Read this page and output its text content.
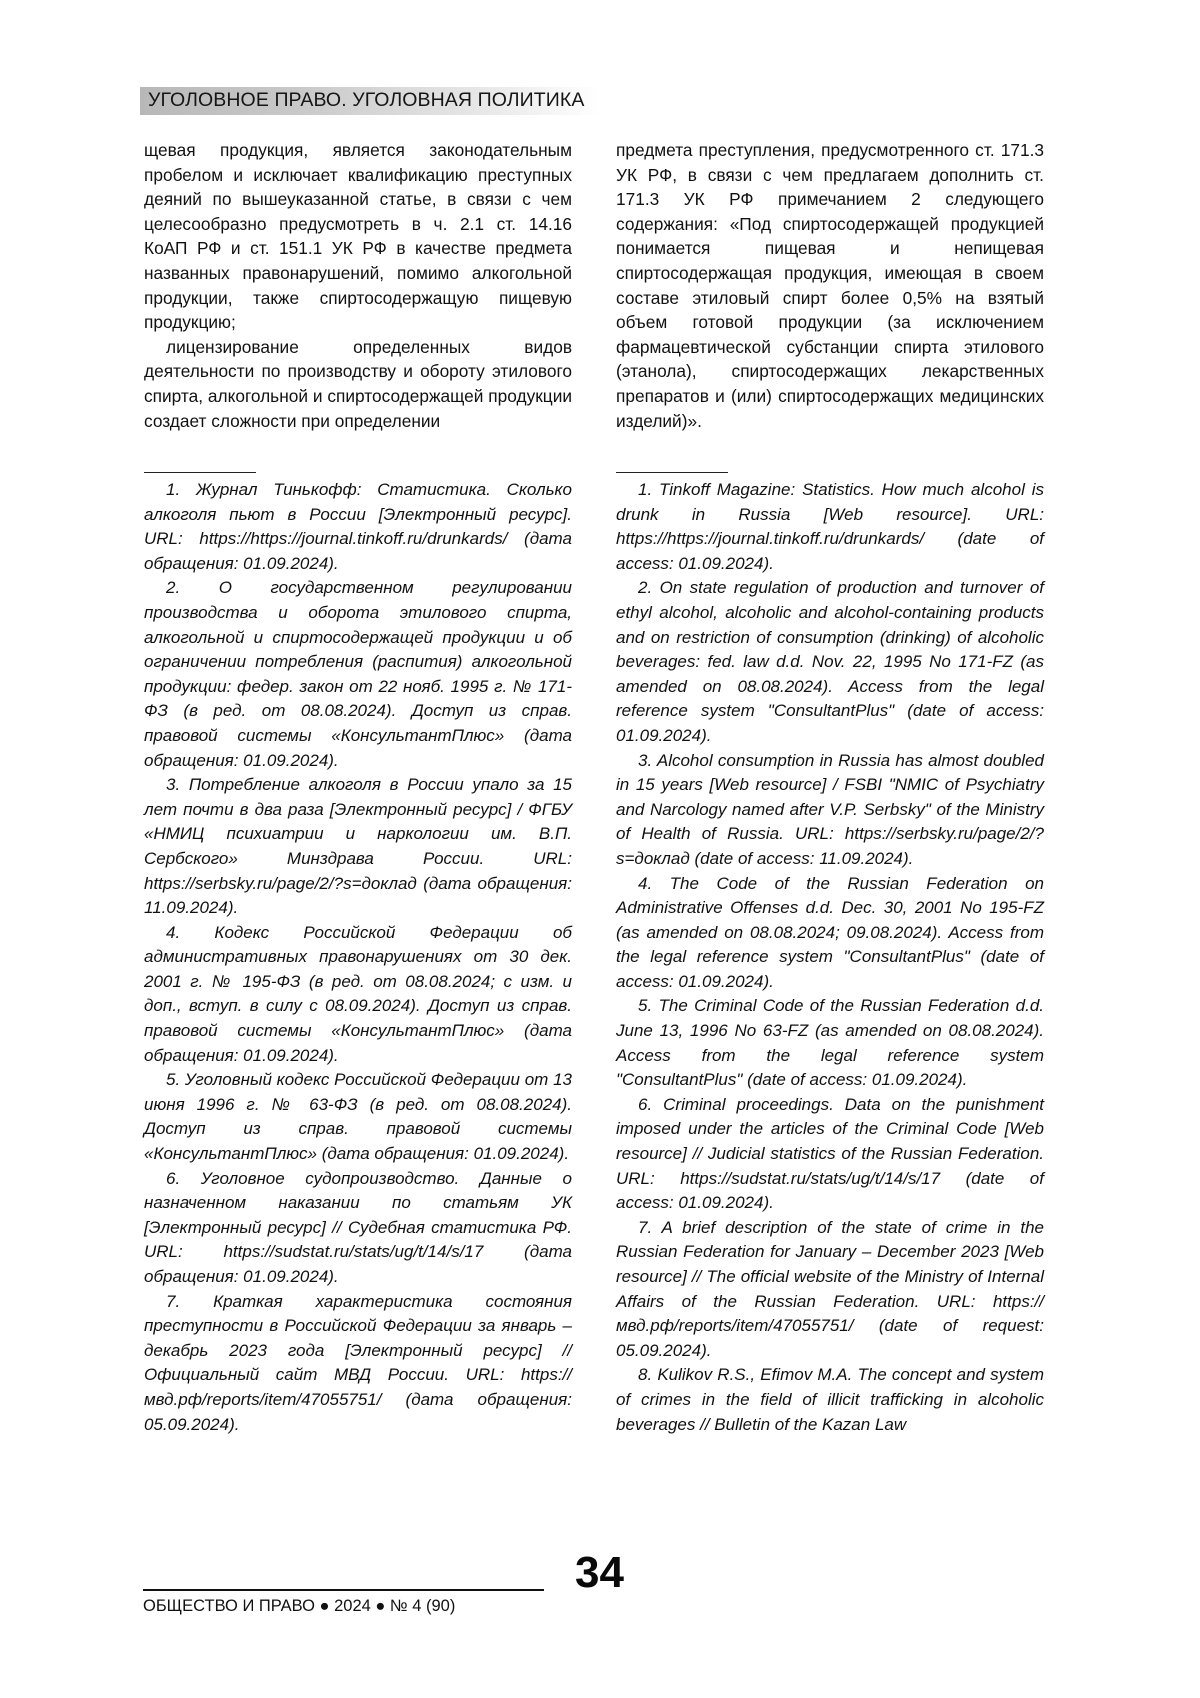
УГОЛОВНОЕ ПРАВО. УГОЛОВНАЯ ПОЛИТИКА

щевая продукция, является законодательным пробелом и исключает квалификацию преступных деяний по вышеуказанной статье, в связи с чем целесообразно предусмотреть в ч. 2.1 ст. 14.16 КоАП РФ и ст. 151.1 УК РФ в качестве предмета названных правонарушений, помимо алкогольной продукции, также спиртосодержащую пищевую продукцию;

лицензирование определенных видов деятельности по производству и обороту этилового спирта, алкогольной и спиртосодержащей продукции создает сложности при определении

предмета преступления, предусмотренного ст. 171.3 УК РФ, в связи с чем предлагаем дополнить ст. 171.3 УК РФ примечанием 2 следующего содержания: «Под спиртосодержащей продукцией понимается пищевая и непищевая спиртосодержащая продукция, имеющая в своем составе этиловый спирт более 0,5% на взятый объем готовой продукции (за исключением фармацевтической субстанции спирта этилового (этанола), спиртосодержащих лекарственных препаратов и (или) спиртосодержащих медицинских изделий)».

1. Журнал Тинькофф: Статистика. Сколько алкоголя пьют в России [Электронный ресурс]. URL: https://https://journal.tinkoff.ru/drunkards/ (дата обращения: 01.09.2024).

2. О государственном регулировании производства и оборота этилового спирта, алкогольной и спиртосодержащей продукции и об ограничении потребления (распития) алкогольной продукции: федер. закон от 22 нояб. 1995 г. № 171-ФЗ (в ред. от 08.08.2024). Доступ из справ. правовой системы «КонсультантПлюс» (дата обращения: 01.09.2024).

3. Потребление алкоголя в России упало за 15 лет почти в два раза [Электронный ресурс] / ФГБУ «НМИЦ психиатрии и наркологии им. В.П. Сербского» Минздрава России. URL: https://serbsky.ru/page/2/?s=доклад (дата обращения: 11.09.2024).

4. Кодекс Российской Федерации об административных правонарушениях от 30 дек. 2001 г. № 195-ФЗ (в ред. от 08.08.2024; с изм. и доп., вступ. в силу с 08.09.2024). Доступ из справ. правовой системы «КонсультантПлюс» (дата обращения: 01.09.2024).

5. Уголовный кодекс Российской Федерации от 13 июня 1996 г. № 63-ФЗ (в ред. от 08.08.2024). Доступ из справ. правовой системы «КонсультантПлюс» (дата обращения: 01.09.2024).

6. Уголовное судопроизводство. Данные о назначенном наказании по статьям УК [Электронный ресурс] // Судебная статистика РФ. URL: https://sudstat.ru/stats/ug/t/14/s/17 (дата обращения: 01.09.2024).

7. Краткая характеристика состояния преступности в Российской Федерации за январь – декабрь 2023 года [Электронный ресурс] // Официальный сайт МВД России. URL: https://мвд.рф/reports/item/47055751/ (дата обращения: 05.09.2024).

1. Tinkoff Magazine: Statistics. How much alcohol is drunk in Russia [Web resource]. URL: https://https://journal.tinkoff.ru/drunkards/ (date of access: 01.09.2024).

2. On state regulation of production and turnover of ethyl alcohol, alcoholic and alcohol-containing products and on restriction of consumption (drinking) of alcoholic beverages: fed. law d.d. Nov. 22, 1995 No 171-FZ (as amended on 08.08.2024). Access from the legal reference system "ConsultantPlus" (date of access: 01.09.2024).

3. Alcohol consumption in Russia has almost doubled in 15 years [Web resource] / FSBI "NMIC of Psychiatry and Narcology named after V.P. Serbsky" of the Ministry of Health of Russia. URL: https://serbsky.ru/page/2/?s=доклад (date of access: 11.09.2024).

4. The Code of the Russian Federation on Administrative Offenses d.d. Dec. 30, 2001 No 195-FZ (as amended on 08.08.2024; 09.08.2024). Access from the legal reference system "ConsultantPlus" (date of access: 01.09.2024).

5. The Criminal Code of the Russian Federation d.d. June 13, 1996 No 63-FZ (as amended on 08.08.2024). Access from the legal reference system "ConsultantPlus" (date of access: 01.09.2024).

6. Criminal proceedings. Data on the punishment imposed under the articles of the Criminal Code [Web resource] // Judicial statistics of the Russian Federation. URL: https://sudstat.ru/stats/ug/t/14/s/17 (date of access: 01.09.2024).

7. A brief description of the state of crime in the Russian Federation for January – December 2023 [Web resource] // The official website of the Ministry of Internal Affairs of the Russian Federation. URL: https://мвд.рф/reports/item/47055751/ (date of request: 05.09.2024).

8. Kulikov R.S., Efimov M.A. The concept and system of crimes in the field of illicit trafficking in alcoholic beverages // Bulletin of the Kazan Law

ОБЩЕСТВО И ПРАВО ● 2024 ● № 4 (90)
34
